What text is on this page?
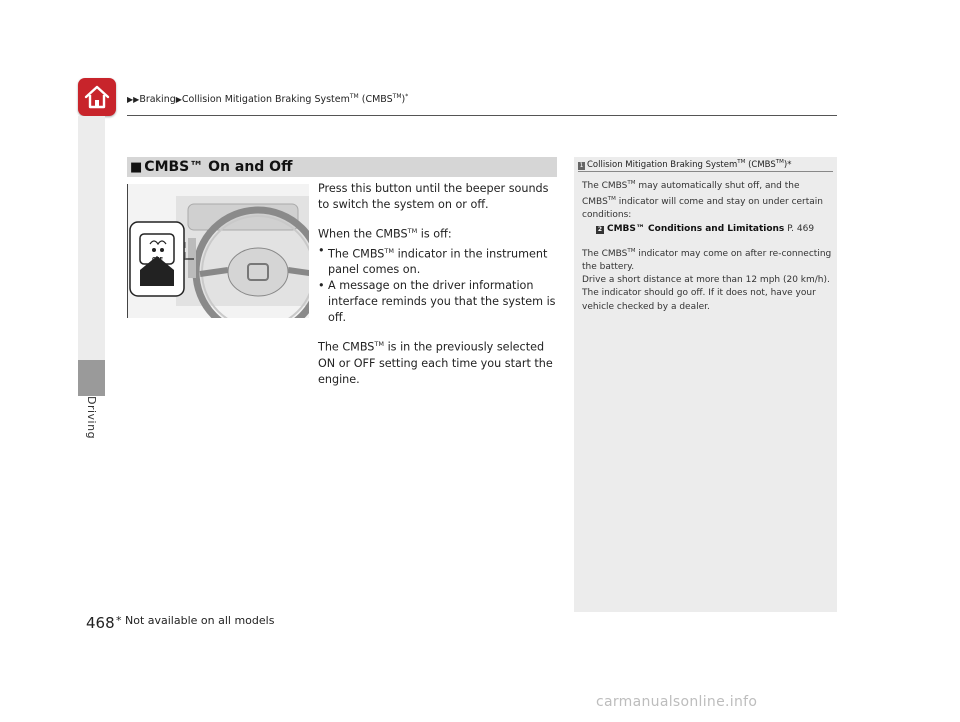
▶▶Braking▶Collision Mitigation Braking System™ (CMBS™)*
Driving
■ CMBS™ On and Off
OFF

Press this button until the beeper sounds to switch the system on or off.

When the CMBS™ is off:

• The CMBS™ indicator in the instrument panel comes on.
• A message on the driver information interface reminds you that the system is off.

The CMBS™ is in the previously selected ON or OFF setting each time you start the engine.

1 Collision Mitigation Braking System™ (CMBS™)*

The CMBS™ may automatically shut off, and the CMBS™ indicator will come and stay on under certain conditions:

2 CMBS™ Conditions and Limitations P. 469

The CMBS™ indicator may come on after re-connecting the battery.

Drive a short distance at more than 12 mph (20 km/h). The indicator should go off. If it does not, have your vehicle checked by a dealer.

468 * Not available on all models
carmanualsonline.info
